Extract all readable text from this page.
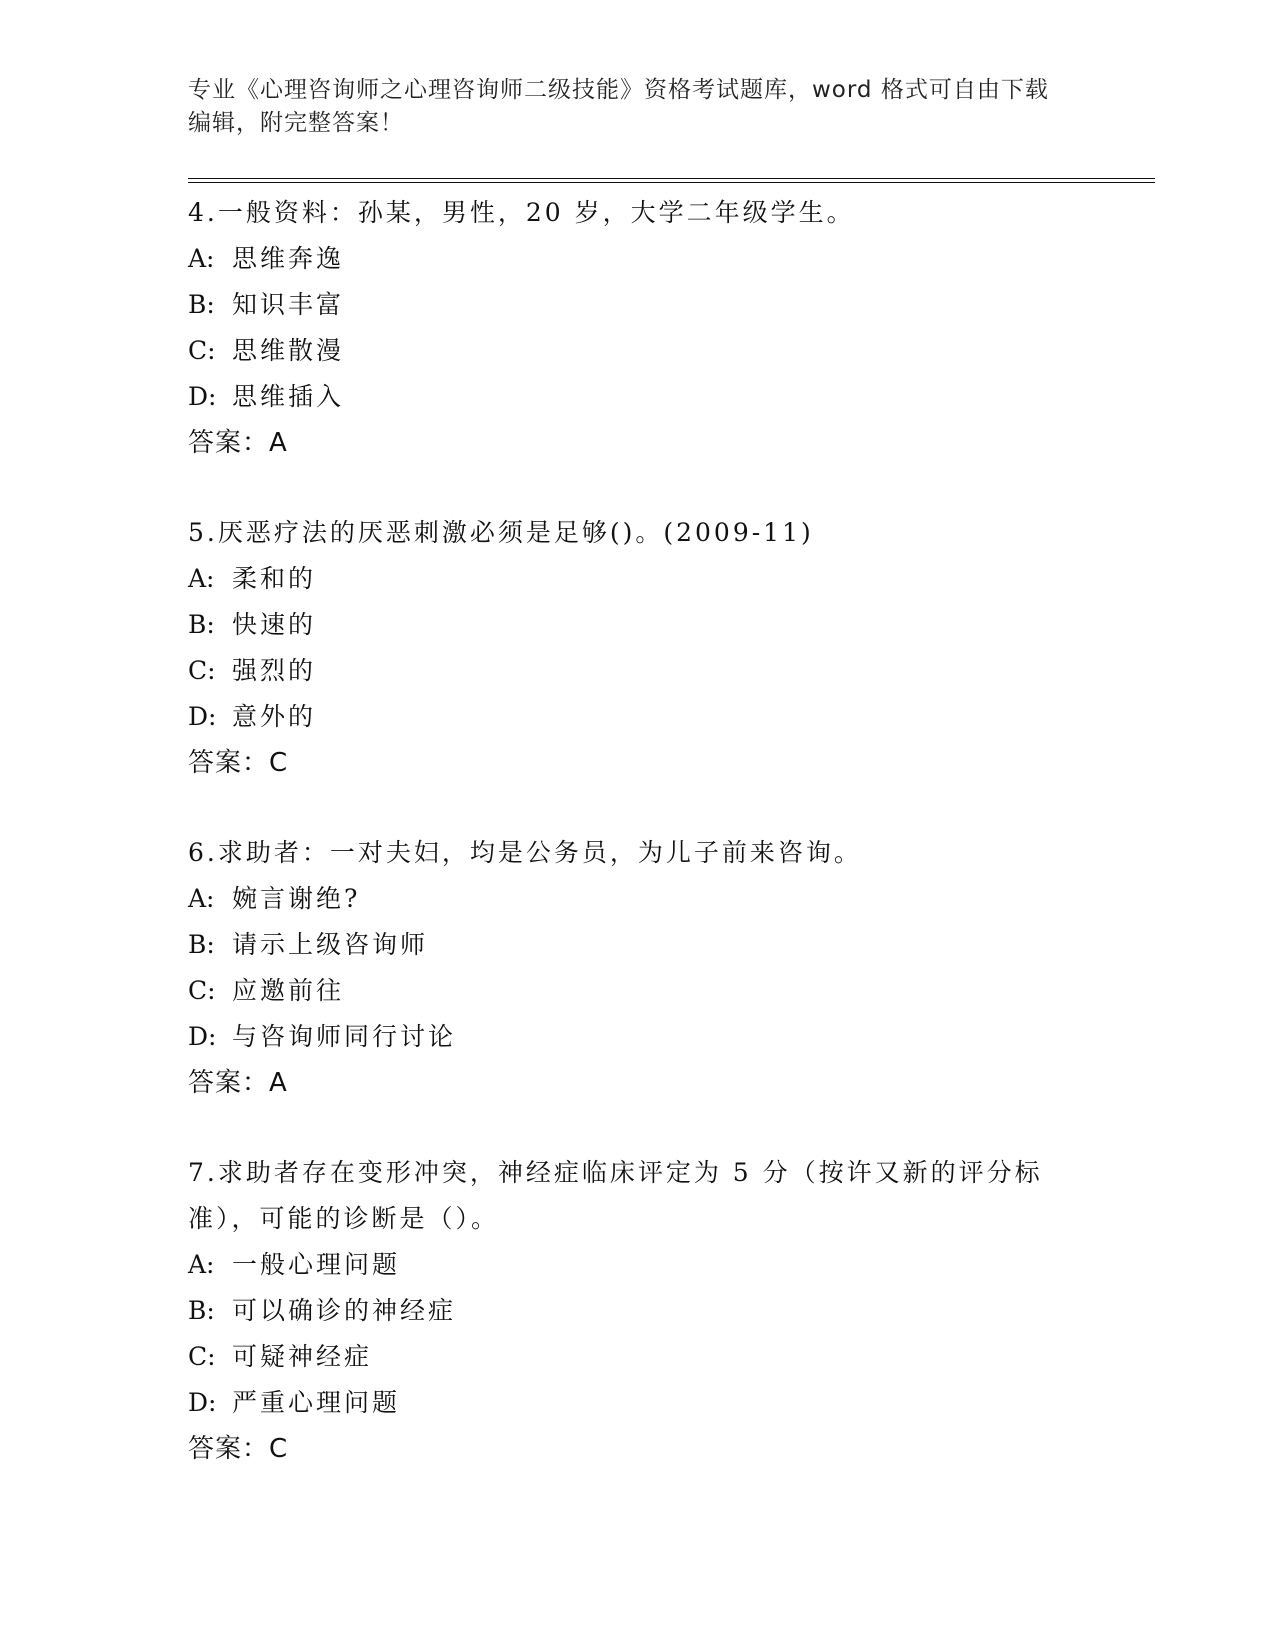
专业《心理咨询师之心理咨询师二级技能》资格考试题库，word 格式可自由下载
编辑，附完整答案！
4.一般资料：孙某，男性，20 岁，大学二年级学生。
A: 思维奔逸
B: 知识丰富
C: 思维散漫
D: 思维插入
答案：A
5.厌恶疗法的厌恶刺激必须是足够()。(2009-11)
A: 柔和的
B: 快速的
C: 强烈的
D: 意外的
答案：C
6.求助者：一对夫妇，均是公务员，为儿子前来咨询。
A: 婉言谢绝?
B: 请示上级咨询师
C: 应邀前往
D: 与咨询师同行讨论
答案：A
7.求助者存在变形冲突，神经症临床评定为 5 分（按许又新的评分标
准），可能的诊断是（）。
A: 一般心理问题
B: 可以确诊的神经症
C: 可疑神经症
D: 严重心理问题
答案：C
